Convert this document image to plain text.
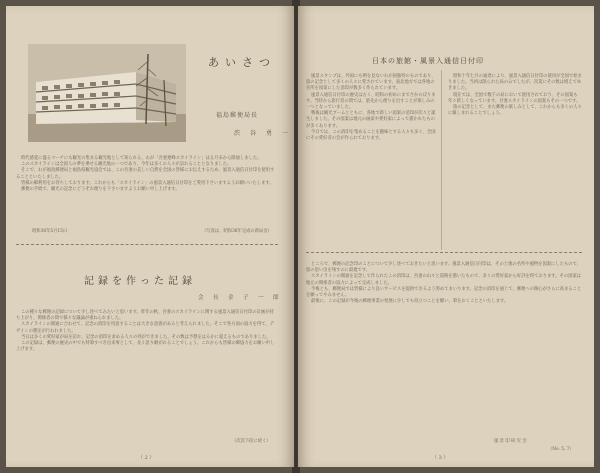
あいさつ
福島郵便局長
渋　谷　勇　一

時代感覚に盛るマーチにも観光の集まる観光地として知られる、わが「吾妻連峰スカイライン」は五月末から開通しました。

このスカイラインは全国人の夢を乗せる観光地の一つであり、今年は多くの人々が訪れることとなりました。

そこで、わが福島郵便局と福島県観光協会では、この吾妻の美しい自然を全国の皆様にお伝えするため、風景入通信日付印を使用することといたしました。

皆様の御利用をお待ちしております。これからも「スカイライン」の風景入通信日付印をご愛用下さいますようお願いいたします。

郵便の手紙で、観光の記念にどうぞお便りを下さいますようお願い申し上げます。

昭和36年5月15日	（写真は、昭和36年完成の新局舎）
記録を作った記録
会　長　金　子　一　郎

この種々な郵便の記録について少し述べてみたいと思います。昨年の秋、吾妻のスカイラインに関する風景入通信日付印の計画が持ち上がり、関係者の間で様々な議論が重ねられました。

スカイラインの開通に合わせて、記念の消印を用意することは大きな意義があると考えられました。そこで各方面の協力を得て、デザインの選定が行われました。

当日は多くの愛好家が局を訪れ、記念の消印を求める人々の列ができました。その数は予想をはるかに超えるものでありました。

この記録は、郵便の歴史の中でも特筆すべき出来事として、長く語り継がれることでしょう。これからも皆様の御協力をお願い申し上げます。

（次頁下段に続く）
（ 2 ）
日本の旅館・風景入通信日付印

風景スタンプは、外国にも例を見ないわが国独特のものであり、旅の記念として多くの人々に愛されています。東北地方では各地の名所を図案にした消印が数多く作られています。

風景入通信日付印の歴史は古く、昭和の初めにまでさかのぼります。当時から旅行者の間では、旅先から便りを出すことが楽しみの一つとなっていました。

戦後は観光ブームとともに、各地で新しい図案の消印が次々と誕生しました。その図案は地元の画家や愛好家によって描かれたものが多くあります。

今日では、この消印を集めることを趣味とする人々も多く、全国にその愛好者の会が作られております。

昭和十年七月の通達により、風景入通信日付印の使用が全国で始まりました。当初は限られた局のみでしたが、次第にその数は増えてゆきました。

現在では、全国で数千の局において使用されており、その図案も年々新しくなっています。吾妻スカイラインの図案もその一つです。

旅の記念として、また郵便の楽しみとして、これからも多くの人々に親しまれることでしょう。

ところで、郵便の記念印のことについて少し述べておきたいと思います。風景入通信日付印は、その土地の名所や風物を図案にしたもので、旅の思い出を残すのに最適です。

スカイラインの開通を記念して作られたこの消印は、吾妻の山々と道路を描いたもので、多くの愛好家から好評を得ております。その図案は地元の関係者の協力によって完成しました。

今後とも、郵便局では皆様により良いサービスを提供できるよう努めてまいります。記念の消印を通じて、郵便への関心がさらに高まることを願ってやみません。

最後に、この記録が今後の郵便事業の発展に少しでも役立つことを願い、筆をおくことといたします。

風 景 印 研 究 会
（No. 5, 7）
（ 3 ）
